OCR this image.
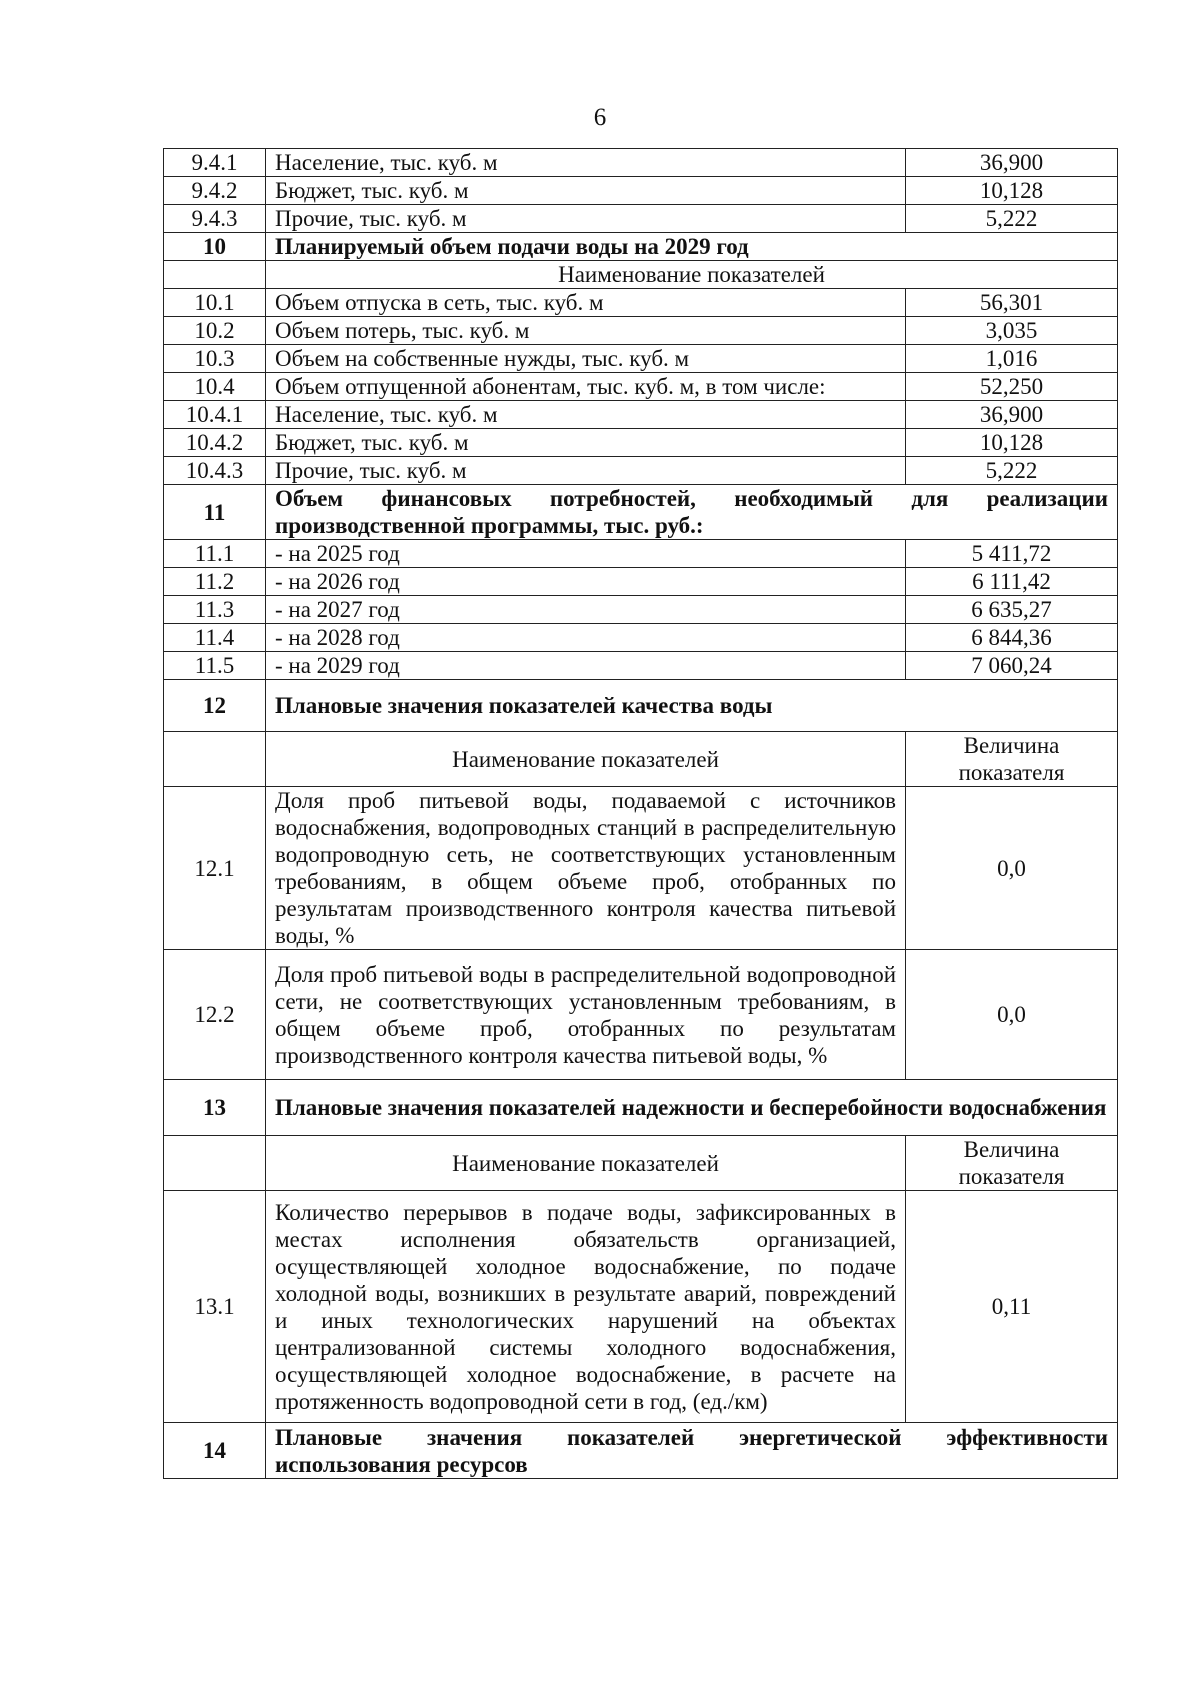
6
9.4.1	Население, тыс. куб. м	36,900
9.4.2	Бюджет, тыс. куб. м	10,128
9.4.3	Прочие, тыс. куб. м	5,222
10	Планируемый объем подачи воды на 2029 год	
	Наименование показателей	
10.1	Объем отпуска в сеть, тыс. куб. м	56,301
10.2	Объем потерь, тыс. куб. м	3,035
10.3	Объем на собственные нужды, тыс. куб. м	1,016
10.4	Объем отпущенной абонентам, тыс. куб. м, в том числе:	52,250
10.4.1	Население, тыс. куб. м	36,900
10.4.2	Бюджет, тыс. куб. м	10,128
10.4.3	Прочие, тыс. куб. м	5,222
11	Объем финансовых потребностей, необходимый для реализации производственной программы, тыс. руб.:	
11.1	- на 2025 год	5 411,72
11.2	- на 2026 год	6 111,42
11.3	- на 2027 год	6 635,27
11.4	- на 2028 год	6 844,36
11.5	- на 2029 год	7 060,24
12	Плановые значения показателей качества воды	
	Наименование показателей	Величина показателя
12.1	Доля проб питьевой воды, подаваемой с источников водоснабжения, водопроводных станций в распределительную водопроводную сеть, не соответствующих установленным требованиям, в общем объеме проб, отобранных по результатам производственного контроля качества питьевой воды, %	0,0
12.2	Доля проб питьевой воды в распределительной водопроводной сети, не соответствующих установленным требованиям, в общем объеме проб, отобранных по результатам производственного контроля качества питьевой воды, %	0,0
13	Плановые значения показателей надежности и бесперебойности водоснабжения	
	Наименование показателей	Величина показателя
13.1	Количество перерывов в подаче воды, зафиксированных в местах исполнения обязательств организацией, осуществляющей холодное водоснабжение, по подаче холодной воды, возникших в результате аварий, повреждений и иных технологических нарушений на объектах централизованной системы холодного водоснабжения, осуществляющей холодное водоснабжение, в расчете на протяженность водопроводной сети в год, (ед./км)	0,11
14	Плановые значения показателей энергетической эффективности использования ресурсов	
